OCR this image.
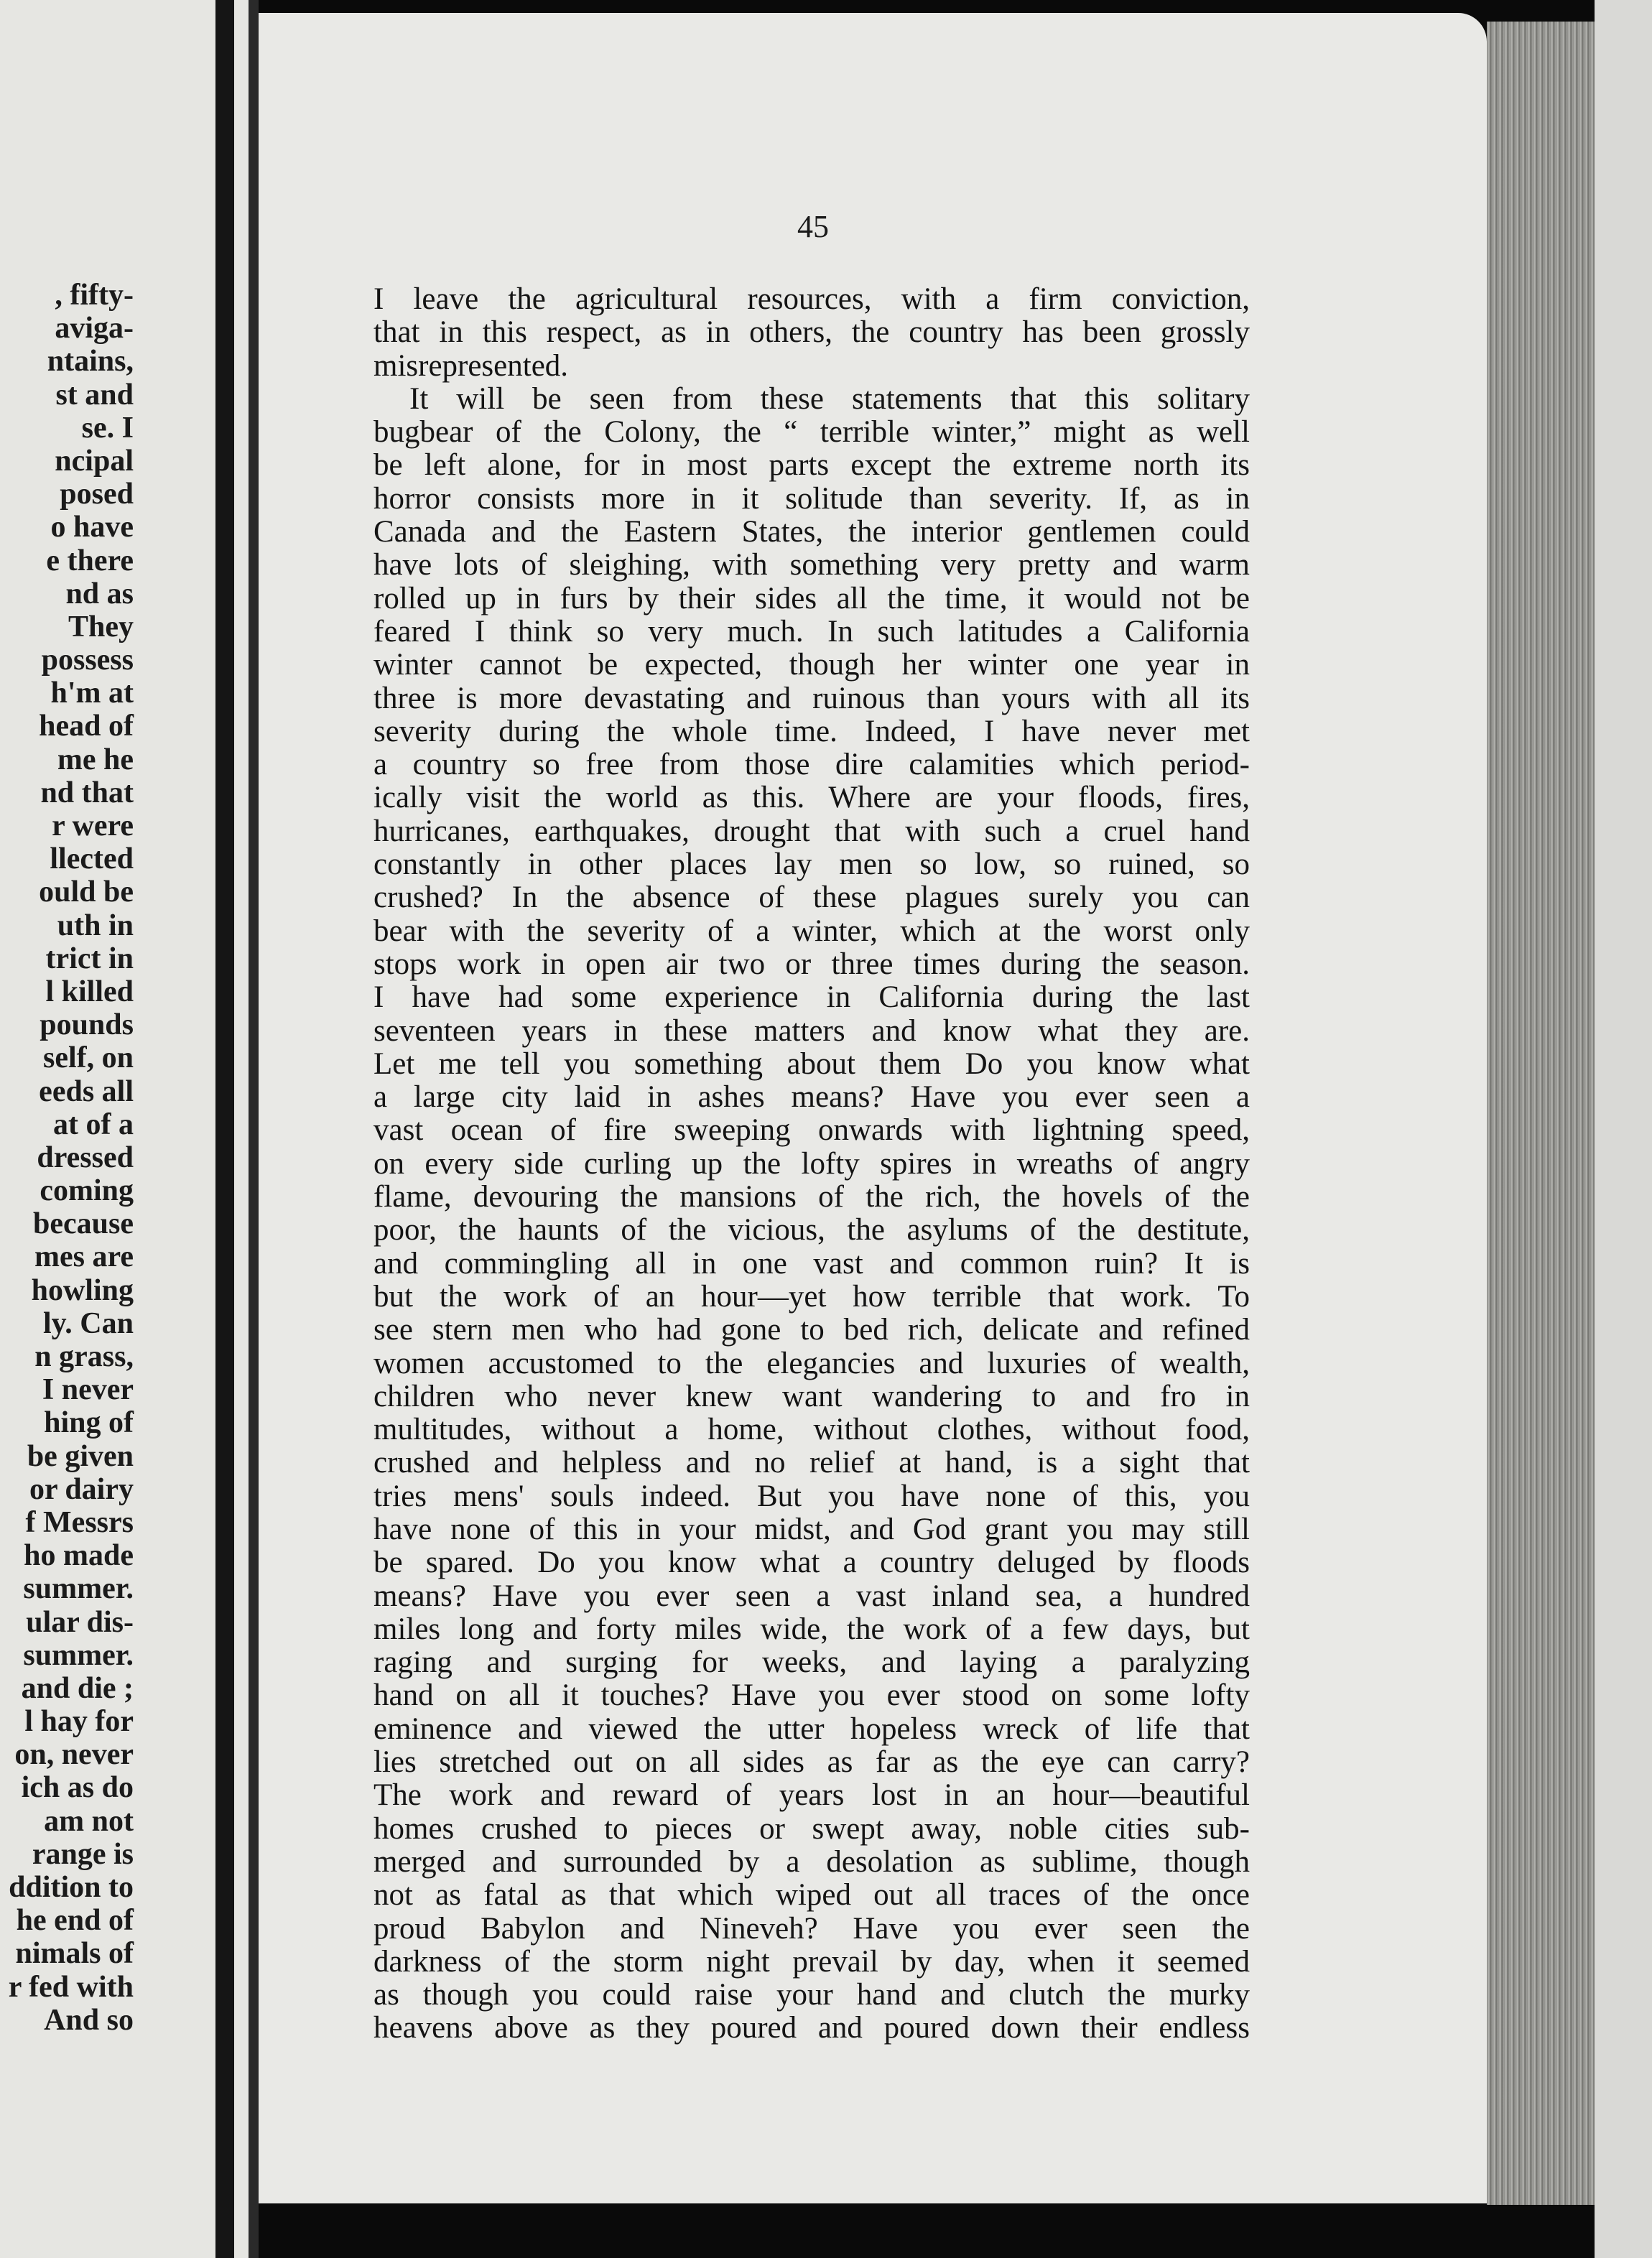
, fifty-
aviga-
ntains,
st and
se. I
ncipal
posed
o have
e there
nd as
They
possess
h'm at
head of
me he
nd that
r were
llected
ould be
uth in
trict in
l killed
pounds
self, on
eeds all
at of a
dressed
coming
because
mes are
howling
ly. Can
n grass,
I never
hing of
be given
or dairy
f Messrs
ho made
summer.
ular dis-
summer.
and die ;
l hay for
on, never
ich as do
am not
range is
ddition to
he end of
nimals of
r fed with
And so
45
I leave the agricultural resources, with a firm conviction,
that in this respect, as in others, the country has been grossly
misrepresented.
It will be seen from these statements that this solitary
bugbear of the Colony, the “ terrible winter,” might as well
be left alone, for in most parts except the extreme north its
horror consists more in it solitude than severity. If, as in
Canada and the Eastern States, the interior gentlemen could
have lots of sleighing, with something very pretty and warm
rolled up in furs by their sides all the time, it would not be
feared I think so very much. In such latitudes a California
winter cannot be expected, though her winter one year in
three is more devastating and ruinous than yours with all its
severity during the whole time. Indeed, I have never met
a country so free from those dire calamities which period-
ically visit the world as this. Where are your floods, fires,
hurricanes, earthquakes, drought that with such a cruel hand
constantly in other places lay men so low, so ruined, so
crushed? In the absence of these plagues surely you can
bear with the severity of a winter, which at the worst only
stops work in open air two or three times during the season.
I have had some experience in California during the last
seventeen years in these matters and know what they are.
Let me tell you something about them Do you know what
a large city laid in ashes means? Have you ever seen a
vast ocean of fire sweeping onwards with lightning speed,
on every side curling up the lofty spires in wreaths of angry
flame, devouring the mansions of the rich, the hovels of the
poor, the haunts of the vicious, the asylums of the destitute,
and commingling all in one vast and common ruin? It is
but the work of an hour—yet how terrible that work. To
see stern men who had gone to bed rich, delicate and refined
women accustomed to the elegancies and luxuries of wealth,
children who never knew want wandering to and fro in
multitudes, without a home, without clothes, without food,
crushed and helpless and no relief at hand, is a sight that
tries mens' souls indeed. But you have none of this, you
have none of this in your midst, and God grant you may still
be spared. Do you know what a country deluged by floods
means? Have you ever seen a vast inland sea, a hundred
miles long and forty miles wide, the work of a few days, but
raging and surging for weeks, and laying a paralyzing
hand on all it touches? Have you ever stood on some lofty
eminence and viewed the utter hopeless wreck of life that
lies stretched out on all sides as far as the eye can carry?
The work and reward of years lost in an hour—beautiful
homes crushed to pieces or swept away, noble cities sub-
merged and surrounded by a desolation as sublime, though
not as fatal as that which wiped out all traces of the once
proud Babylon and Nineveh? Have you ever seen the
darkness of the storm night prevail by day, when it seemed
as though you could raise your hand and clutch the murky
heavens above as they poured and poured down their endless
